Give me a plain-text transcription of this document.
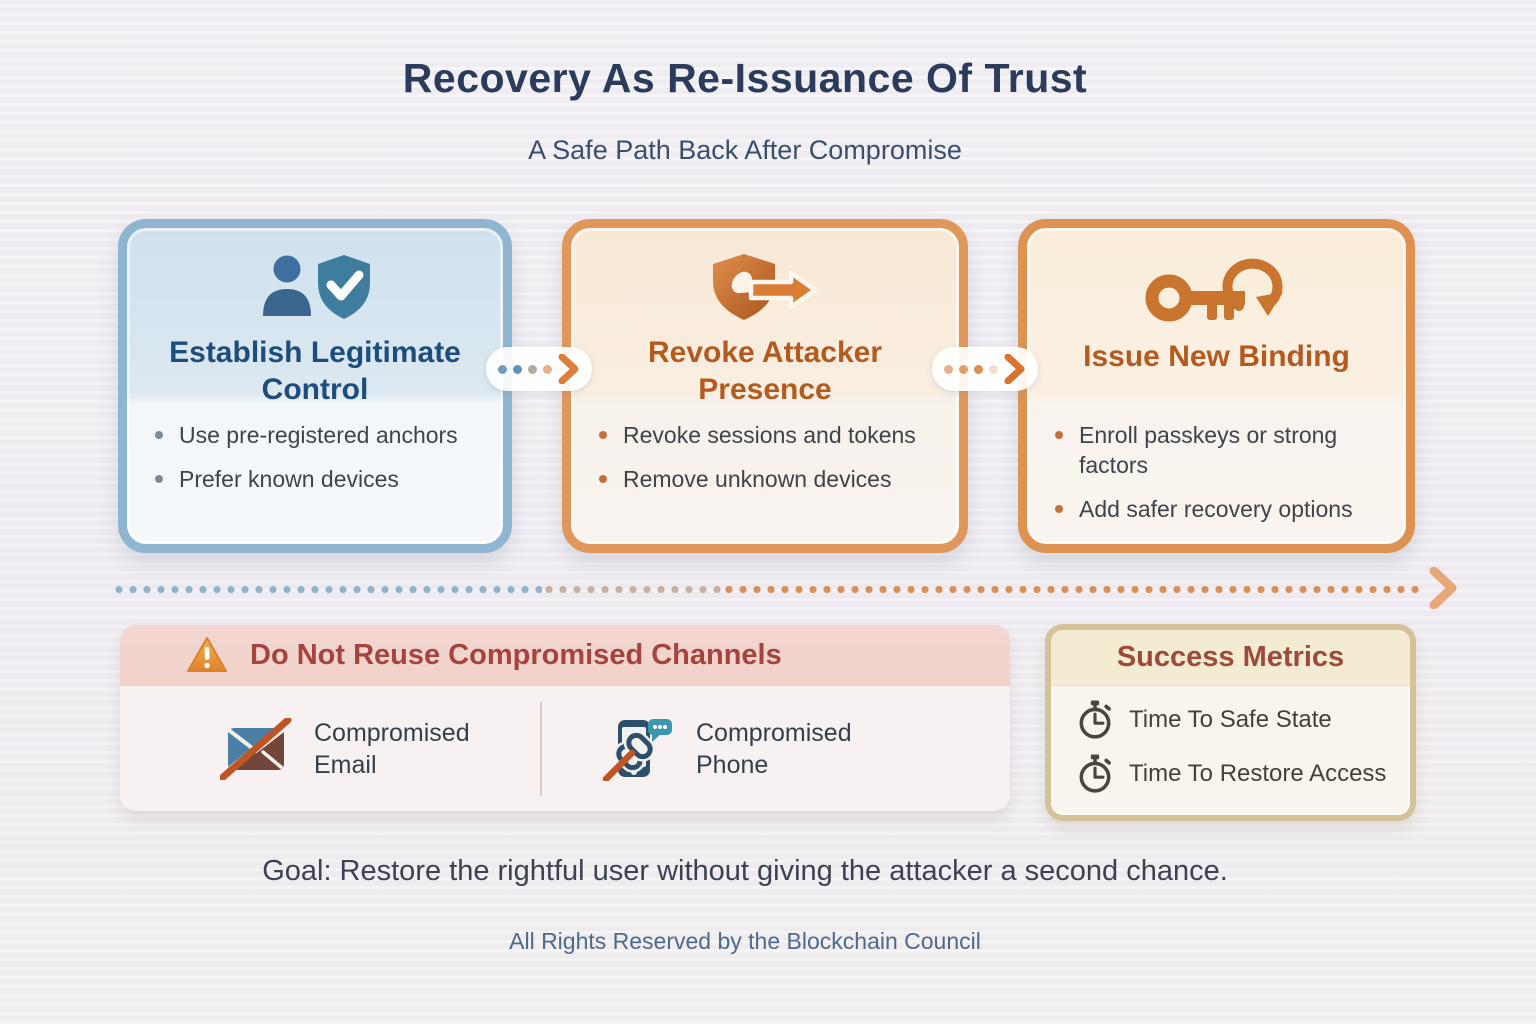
Recovery As Re-Issuance Of Trust
A Safe Path Back After Compromise
Establish Legitimate Control
Use pre-registered anchors
Prefer known devices
Revoke Attacker Presence
Revoke sessions and tokens
Remove unknown devices
Issue New Binding
Enroll passkeys or strong factors
Add safer recovery options
Do Not Reuse Compromised Channels
Compromised Email
Compromised Phone
Success Metrics
Time To Safe State
Time To Restore Access
Goal: Restore the rightful user without giving the attacker a second chance.
All Rights Reserved by the Blockchain Council
